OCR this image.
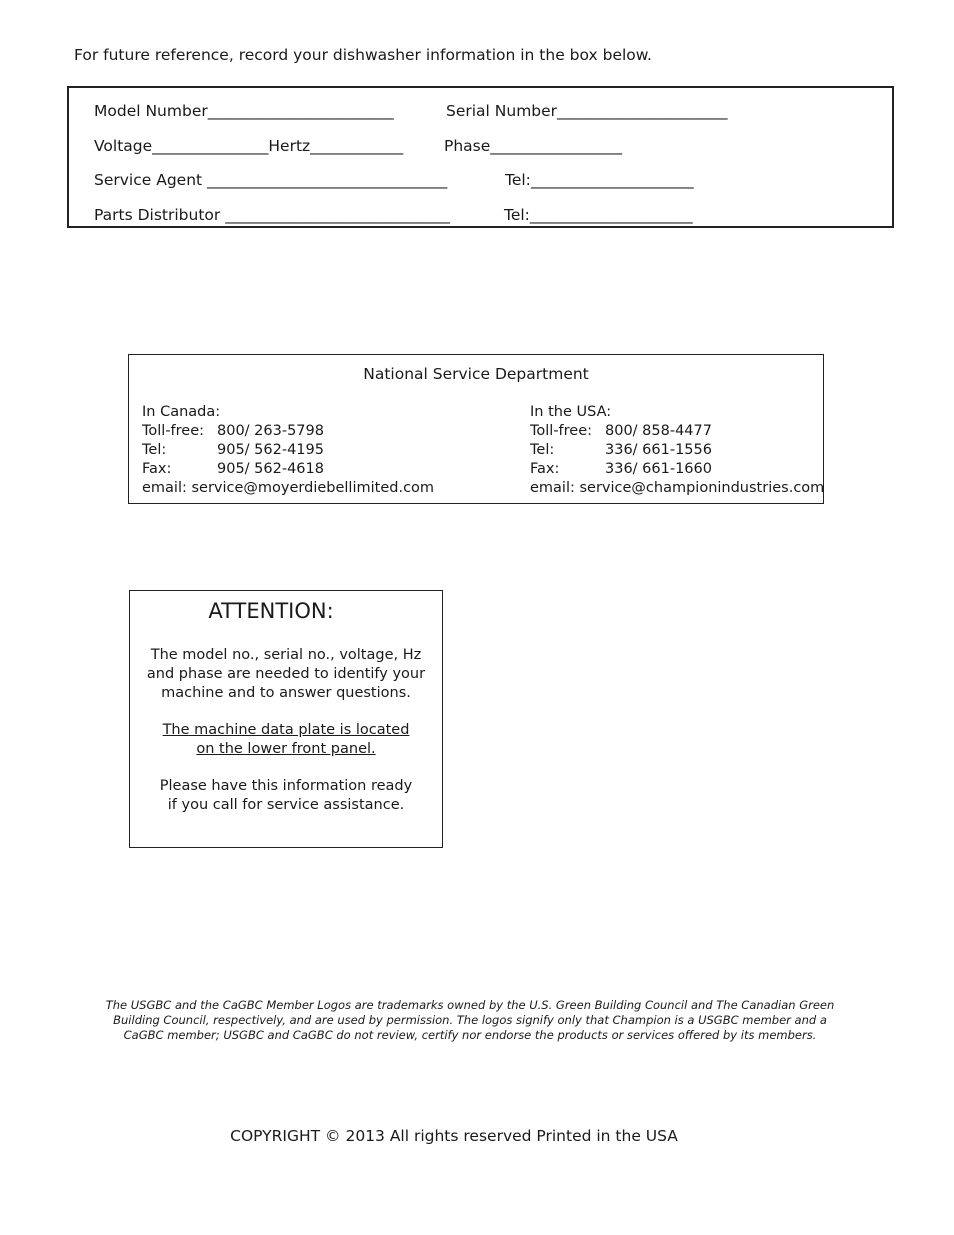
For future reference, record your dishwasher information in the box below.
Model Number________________________	Serial Number______________________
Voltage_______________Hertz____________	Phase_________________
Service Agent _______________________________	Tel:_____________________
Parts Distributor _____________________________	Tel:_____________________
National Service Department
In Canada:
Toll-free: 800/ 263-5798
Tel:	905/ 562-4195
Fax:	905/ 562-4618
email: service@moyerdiebellimited.com
In the USA:
Toll-free: 800/ 858-4477
Tel:	336/ 661-1556
Fax:	336/ 661-1660
email: service@championindustries.com
ATTENTION:
The model no., serial no., voltage, Hz
and phase are needed to identify your
machine and to answer questions.
The machine data plate is located
on the lower front panel.
Please have this information ready
if you call for service assistance.
The USGBC and the CaGBC Member Logos are trademarks owned by the U.S. Green Building Council and The Canadian Green
Building Council, respectively, and are used by permission. The logos signify only that Champion is a USGBC member and a
CaGBC member; USGBC and CaGBC do not review, certify nor endorse the products or services offered by its members.
COPYRIGHT © 2013 All rights reserved Printed in the USA
